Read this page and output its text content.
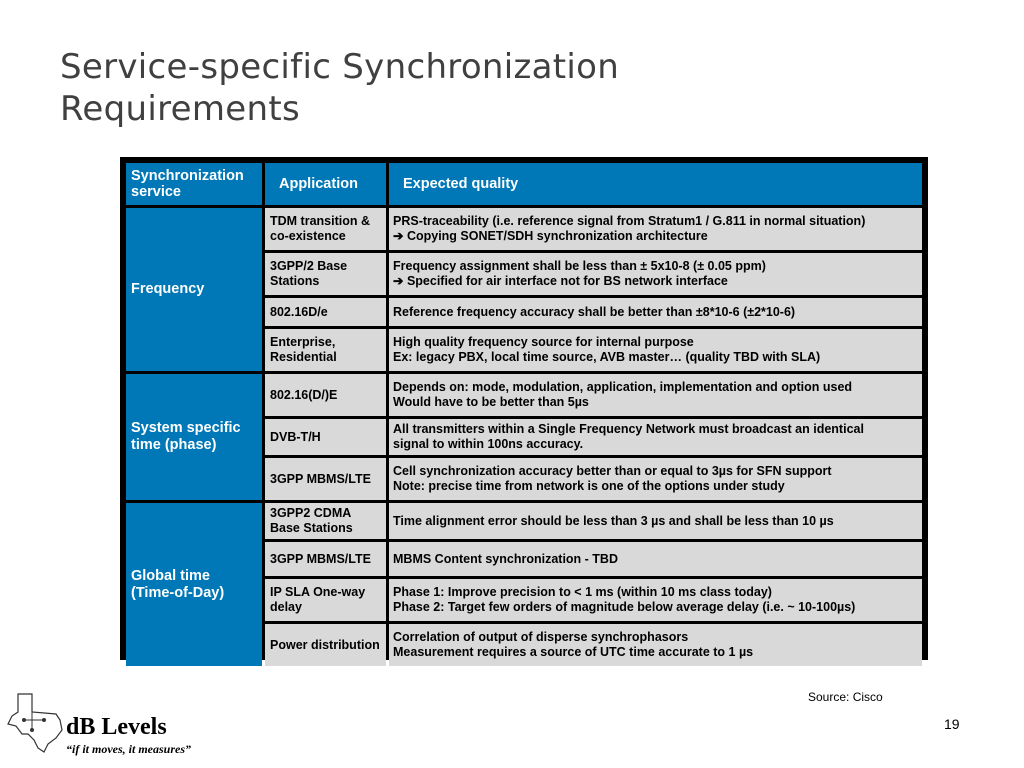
Service-specific Synchronization
Requirements
Synchronization service	Application	Expected quality
Frequency	TDM transition & co-existence	PRS-traceability (i.e. reference signal from Stratum1 / G.811 in normal situation)
➔ Copying SONET/SDH synchronization architecture

	3GPP/2 Base Stations	Frequency assignment shall be less than ± 5x10-8 (± 0.05 ppm)
➔ Specified for air interface not for BS network interface

	802.16D/e	Reference frequency accuracy shall be better than ±8*10-6 (±2*10-6)

	Enterprise, Residential	High quality frequency source for internal purpose
Ex: legacy PBX, local time source, AVB master… (quality TBD with SLA)

System specific time (phase)	802.16(D/)E	Depends on: mode, modulation, application, implementation and option used
Would have to be better than 5µs

	DVB-T/H	All transmitters within a Single Frequency Network must broadcast an identical
signal to within 100ns accuracy.

	3GPP MBMS/LTE	Cell synchronization accuracy better than or equal to 3µs for SFN support
Note: precise time from network is one of the options under study

Global time (Time-of-Day)	3GPP2 CDMA Base Stations	Time alignment error should be less than 3 µs and shall be less than 10 µs

	3GPP MBMS/LTE	MBMS Content synchronization - TBD

	IP SLA One-way delay	Phase 1: Improve precision to < 1 ms (within 10 ms class today)
Phase 2: Target few orders of magnitude below average delay (i.e. ~ 10-100µs)

	Power distribution	Correlation of output of disperse synchrophasors
Measurement requires a source of UTC time accurate to 1 µs
Source: Cisco
19
dB Levels
“if it moves, it measures”
